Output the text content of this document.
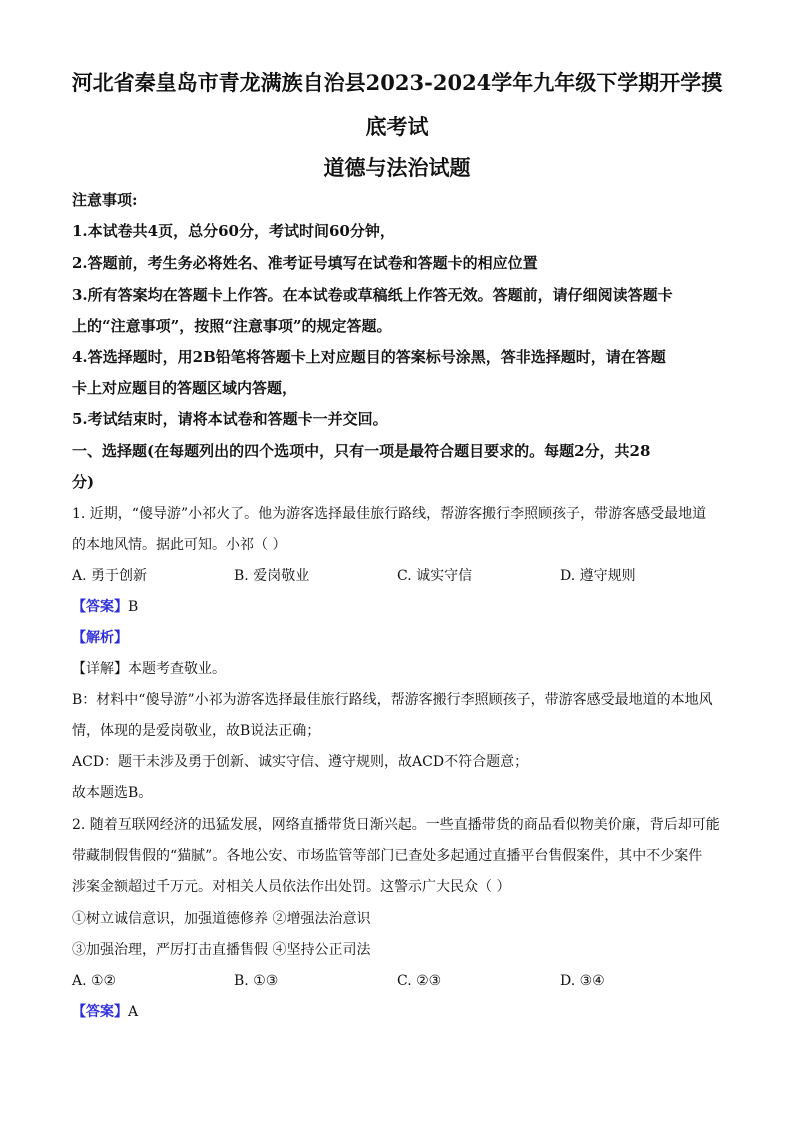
河北省秦皇岛市青龙满族自治县2023-2024学年九年级下学期开学摸
底考试
道德与法治试题
注意事项:
1.本试卷共4页，总分60分，考试时间60分钟，
2.答题前，考生务必将姓名、准考证号填写在试卷和答题卡的相应位置
3.所有答案均在答题卡上作答。在本试卷或草稿纸上作答无效。答题前，请仔细阅读答题卡
上的“注意事项”，按照“注意事项”的规定答题。
4.答选择题时，用2B铅笔将答题卡上对应题目的答案标号涂黑，答非选择题时，请在答题
卡上对应题目的答题区域内答题，
5.考试结束时，请将本试卷和答题卡一并交回。
一、选择题(在每题列出的四个选项中，只有一项是最符合题目要求的。每题2分，共28
分)
1. 近期，“傻导游”小祁火了。他为游客选择最佳旅行路线，帮游客搬行李照顾孩子，带游客感受最地道
的本地风情。据此可知。小祁（ ）
A. 勇于创新	B. 爱岗敬业	C. 诚实守信	D. 遵守规则
【答案】B
【解析】
【详解】本题考查敬业。
B：材料中“傻导游”小祁为游客选择最佳旅行路线，帮游客搬行李照顾孩子，带游客感受最地道的本地风
情，体现的是爱岗敬业，故B说法正确；
ACD：题干未涉及勇于创新、诚实守信、遵守规则，故ACD不符合题意；
故本题选B。
2. 随着互联网经济的迅猛发展，网络直播带货日渐兴起。一些直播带货的商品看似物美价廉，背后却可能
带藏制假售假的“猫腻”。各地公安、市场监管等部门已查处多起通过直播平台售假案件，其中不少案件
涉案金额超过千万元。对相关人员依法作出处罚。这警示广大民众（ ）
①树立诚信意识，加强道德修养 ②增强法治意识
③加强治理，严厉打击直播售假 ④坚持公正司法
A. ①②	B. ①③	C. ②③	D. ③④
【答案】A
